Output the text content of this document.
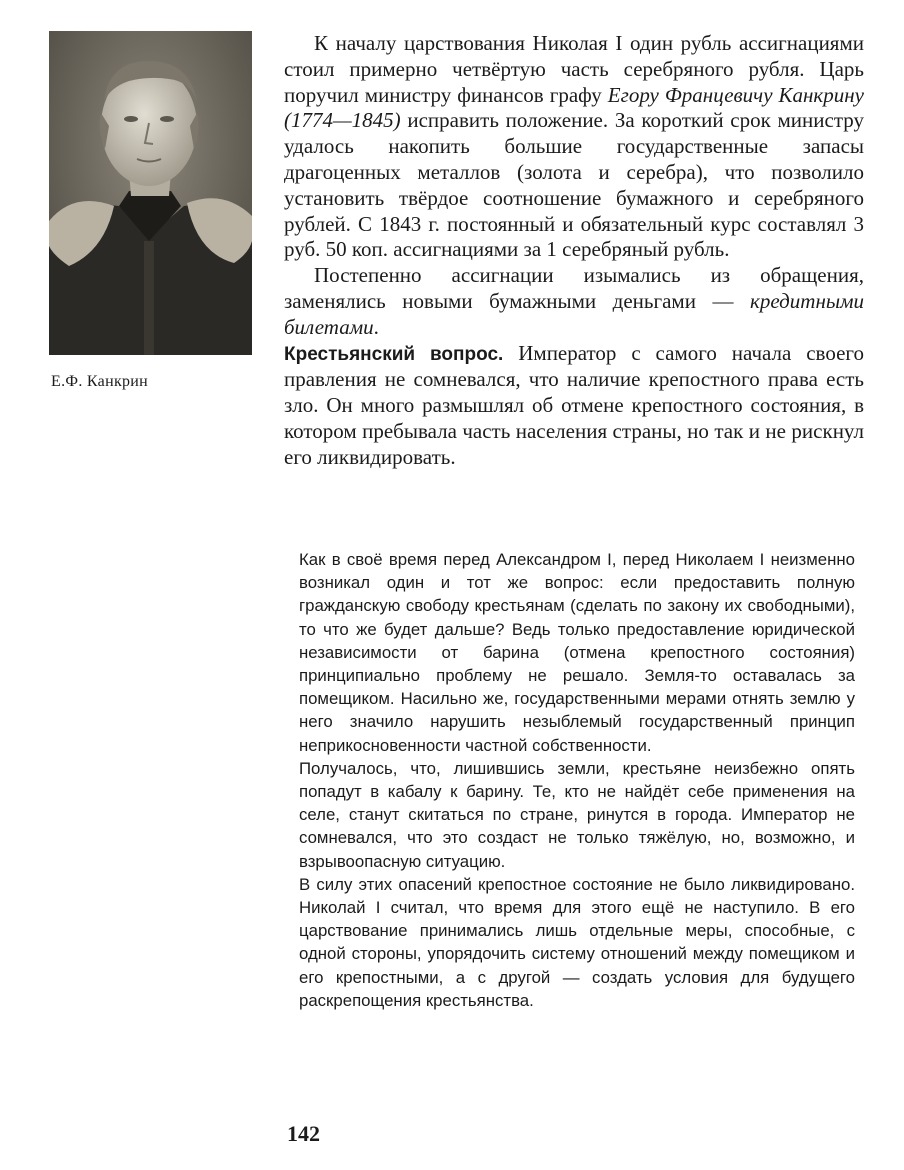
Е.Ф. Канкрин

К началу царствования Николая I один рубль ассигнациями стоил примерно четвёртую часть серебряного рубля. Царь поручил министру финансов графу Егору Францевичу Канкрину (1774—1845) исправить положение. За короткий срок министру удалось накопить большие государственные запасы драгоценных металлов (золота и серебра), что позволило установить твёрдое соотношение бумажного и серебряного рублей. С 1843 г. постоянный и обязательный курс составлял 3 руб. 50 коп. ассигнациями за 1 серебряный рубль.

Постепенно ассигнации изымались из обращения, заменялись новыми бумажными деньгами — кредитными билетами.

Крестьянский вопрос. Император с самого начала своего правления не сомневался, что наличие крепостного права есть зло. Он много размышлял об отмене крепостного состояния, в котором пребывала часть населения страны, но так и не рискнул его ликвидировать.

Как в своё время перед Александром I, перед Николаем I неизменно возникал один и тот же вопрос: если предоставить полную гражданскую свободу крестьянам (сделать по закону их свободными), то что же будет дальше? Ведь только предоставление юридической независимости от барина (отмена крепостного состояния) принципиально проблему не решало. Земля-то оставалась за помещиком. Насильно же, государственными мерами отнять землю у него значило нарушить незыблемый государственный принцип неприкосновенности частной собственности.

Получалось, что, лишившись земли, крестьяне неизбежно опять попадут в кабалу к барину. Те, кто не найдёт себе применения на селе, станут скитаться по стране, ринутся в города. Император не сомневался, что это создаст не только тяжёлую, но, возможно, и взрывоопасную ситуацию.

В силу этих опасений крепостное состояние не было ликвидировано. Николай I считал, что время для этого ещё не наступило. В его царствование принимались лишь отдельные меры, способные, с одной стороны, упорядочить систему отношений между помещиком и его крепостными, а с другой — создать условия для будущего раскрепощения крестьянства.

142
